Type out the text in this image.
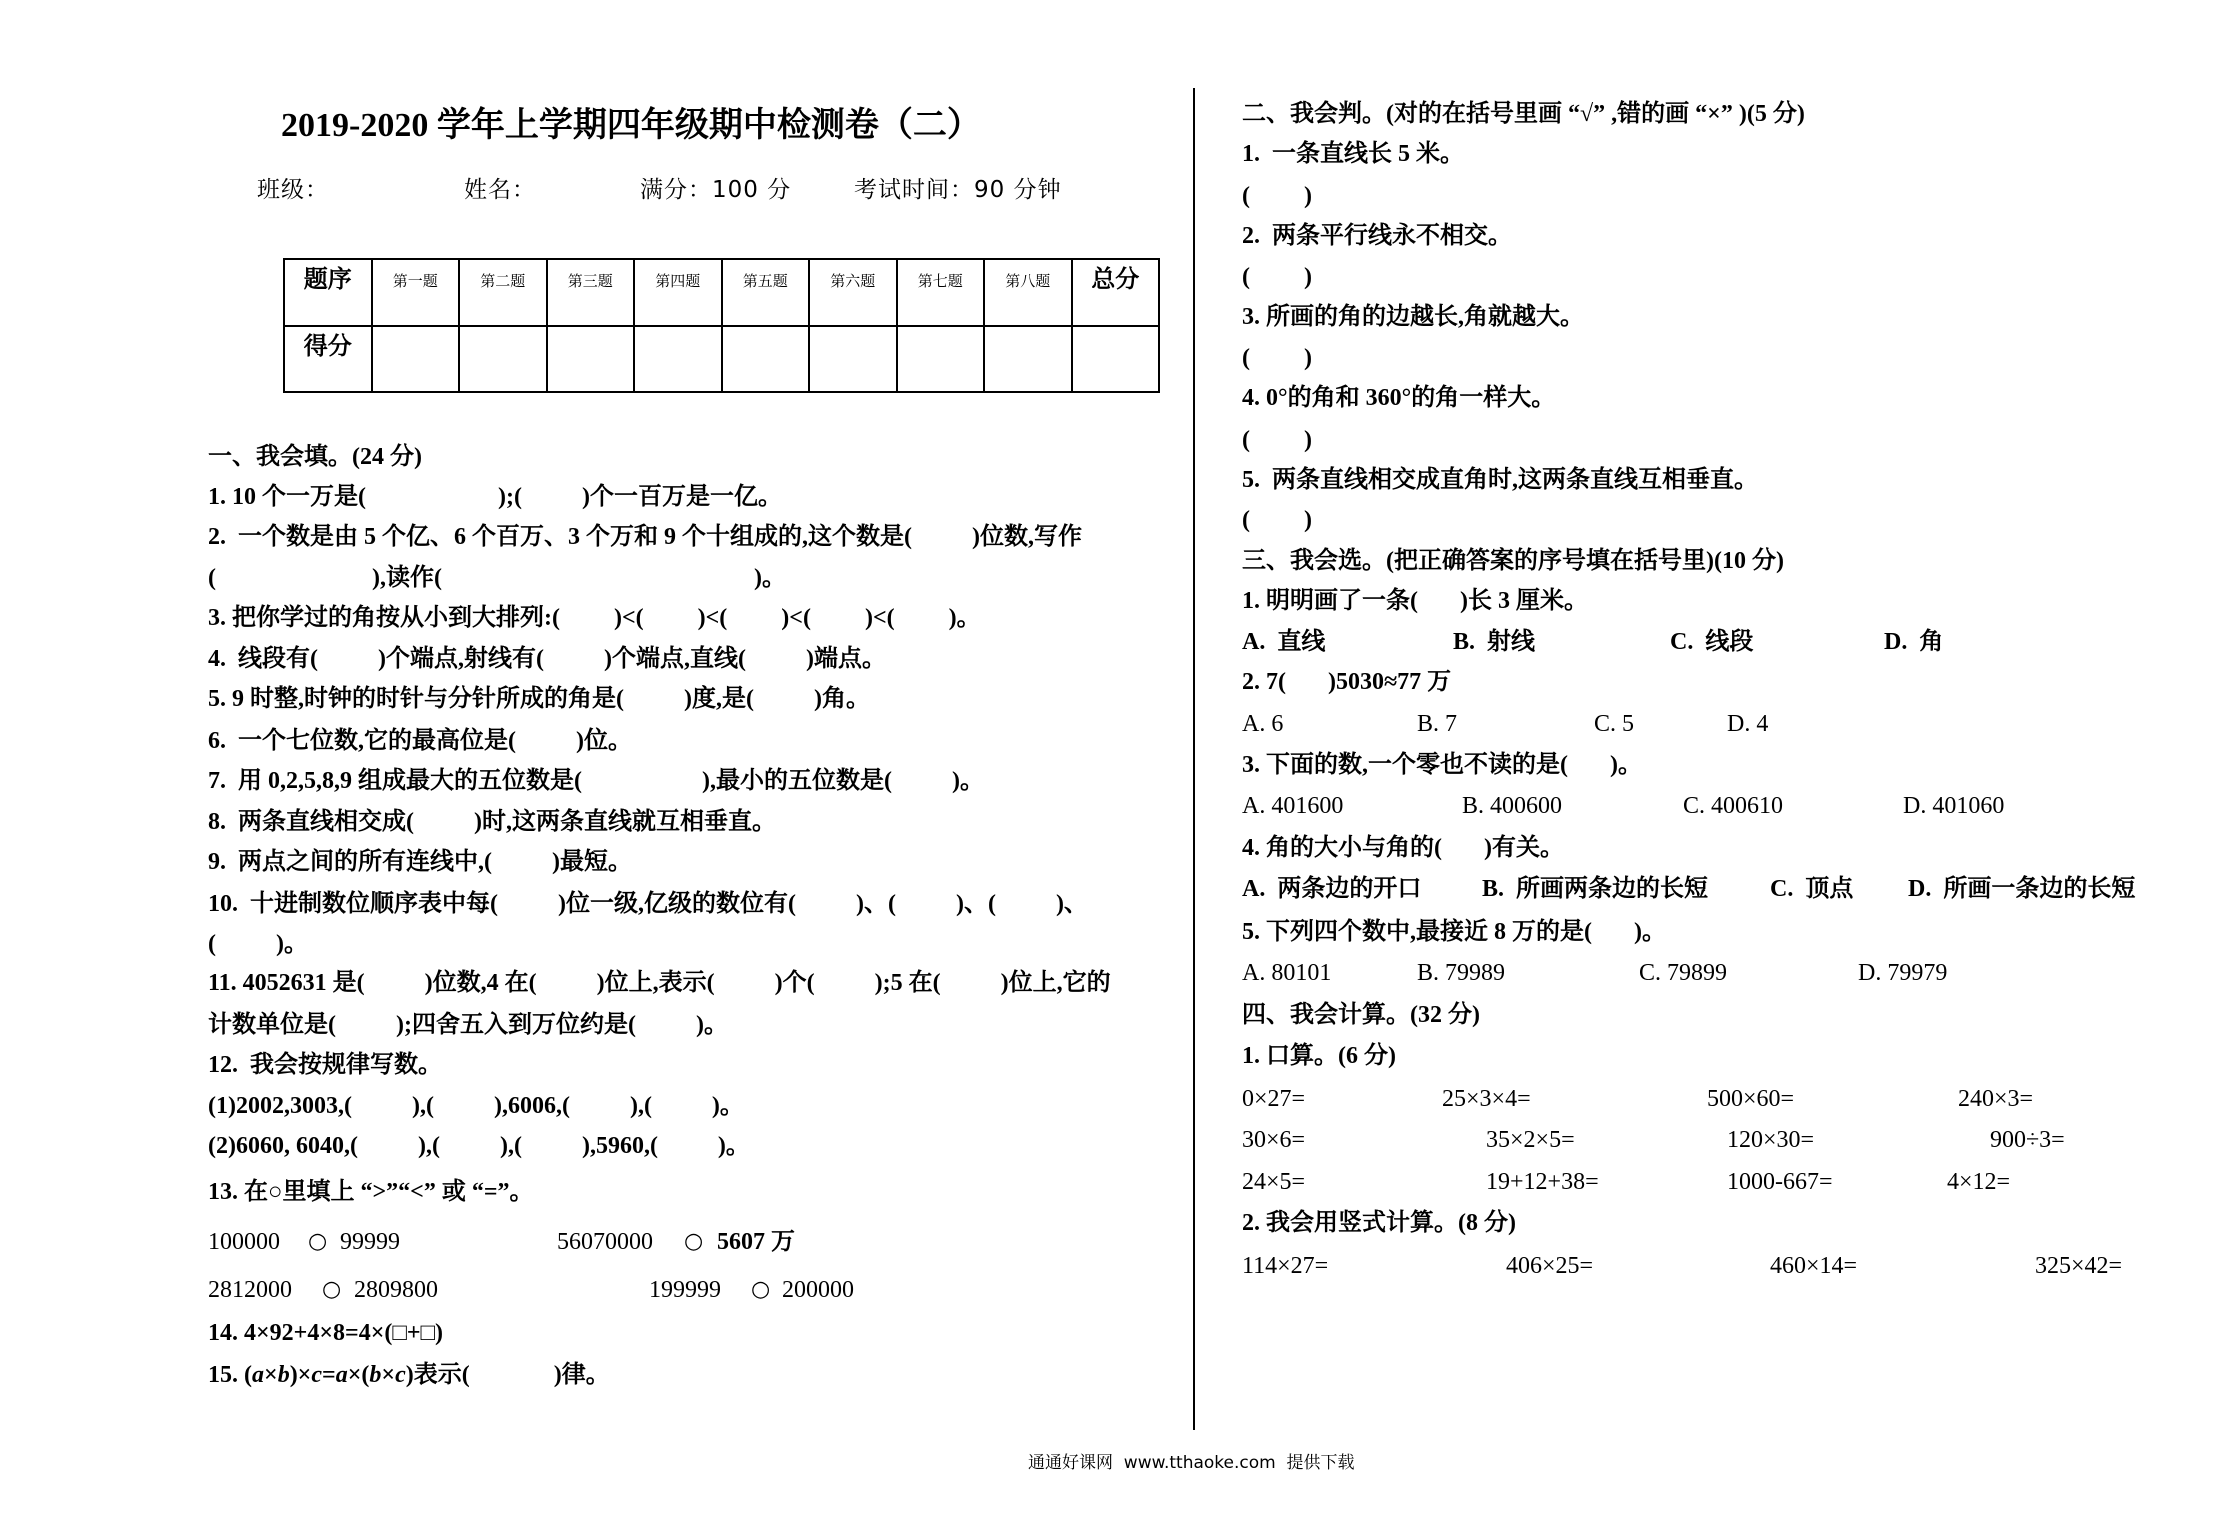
2019-2020 学年上学期四年级期中检测卷（二）
班级：	姓名：	满分：100 分	考试时间：90 分钟
题序	第一题	第二题	第三题	第四题	第五题	第六题	第七题	第八题	总分
得分									
一、我会填。(24 分)
1. 10 个一万是(                      );(          )个一百万是一亿。
2.  一个数是由 5 个亿、6 个百万、3 个万和 9 个十组成的,这个数是(          )位数,写作
(                          ),读作(                                                    )。
3. 把你学过的角按从小到大排列:(         )<(         )<(         )<(         )<(         )。
4.  线段有(          )个端点,射线有(          )个端点,直线(          )端点。
5. 9 时整,时钟的时针与分针所成的角是(          )度,是(          )角。
6.  一个七位数,它的最高位是(          )位。
7.  用 0,2,5,8,9 组成最大的五位数是(                    ),最小的五位数是(          )。
8.  两条直线相交成(          )时,这两条直线就互相垂直。
9.  两点之间的所有连线中,(          )最短。
10.  十进制数位顺序表中每(          )位一级,亿级的数位有(          )、(          )、(          )、
(          )。
11. 4052631 是(          )位数,4 在(          )位上,表示(          )个(          );5 在(          )位上,它的
计数单位是(          );四舍五入到万位约是(          )。
12.  我会按规律写数。
(1)2002,3003,(          ),(          ),6006,(          ),(          )。
(2)6060, 6040,(          ),(          ),(          ),5960,(          )。
13. 在○里填上 “>”“<” 或 “=”。
100000 ○ 99999	56070000 ○ 5607 万
2812000 ○ 2809800	199999 ○ 200000
14. 4×92+4×8=4×(□+□)
15. (a×b)×c=a×(b×c)表示(              )律。
二、我会判。(对的在括号里画 “√” ,错的画 “×” )(5 分)
1.  一条直线长 5 米。
(         )
2.  两条平行线永不相交。
(         )
3. 所画的角的边越长,角就越大。
(         )
4. 0°的角和 360°的角一样大。
(         )
5.  两条直线相交成直角时,这两条直线互相垂直。
(         )
三、我会选。(把正确答案的序号填在括号里)(10 分)
1. 明明画了一条(       )长 3 厘米。
A.  直线	B.  射线	C.  线段	D.  角
2. 7(       )5030≈77 万
A. 6	B. 7	C. 5	D. 4
3. 下面的数,一个零也不读的是(       )。
A. 401600	B. 400600	C. 400610	D. 401060
4. 角的大小与角的(       )有关。
A.  两条边的开口	B.  所画两条边的长短	C.  顶点 D.  所画一条边的长短
5. 下列四个数中,最接近 8 万的是(       )。
A. 80101	B. 79989	C. 79899	D. 79979
四、我会计算。(32 分)
1. 口算。(6 分)
0×27=	25×3×4=	500×60=	240×3=
30×6=	35×2×5=	120×30=	900÷3=
24×5=	19+12+38=	1000-667=	4×12=
2. 我会用竖式计算。(8 分)
114×27=	406×25=	460×14=	325×42=
通通好课网  www.tthaoke.com  提供下载
